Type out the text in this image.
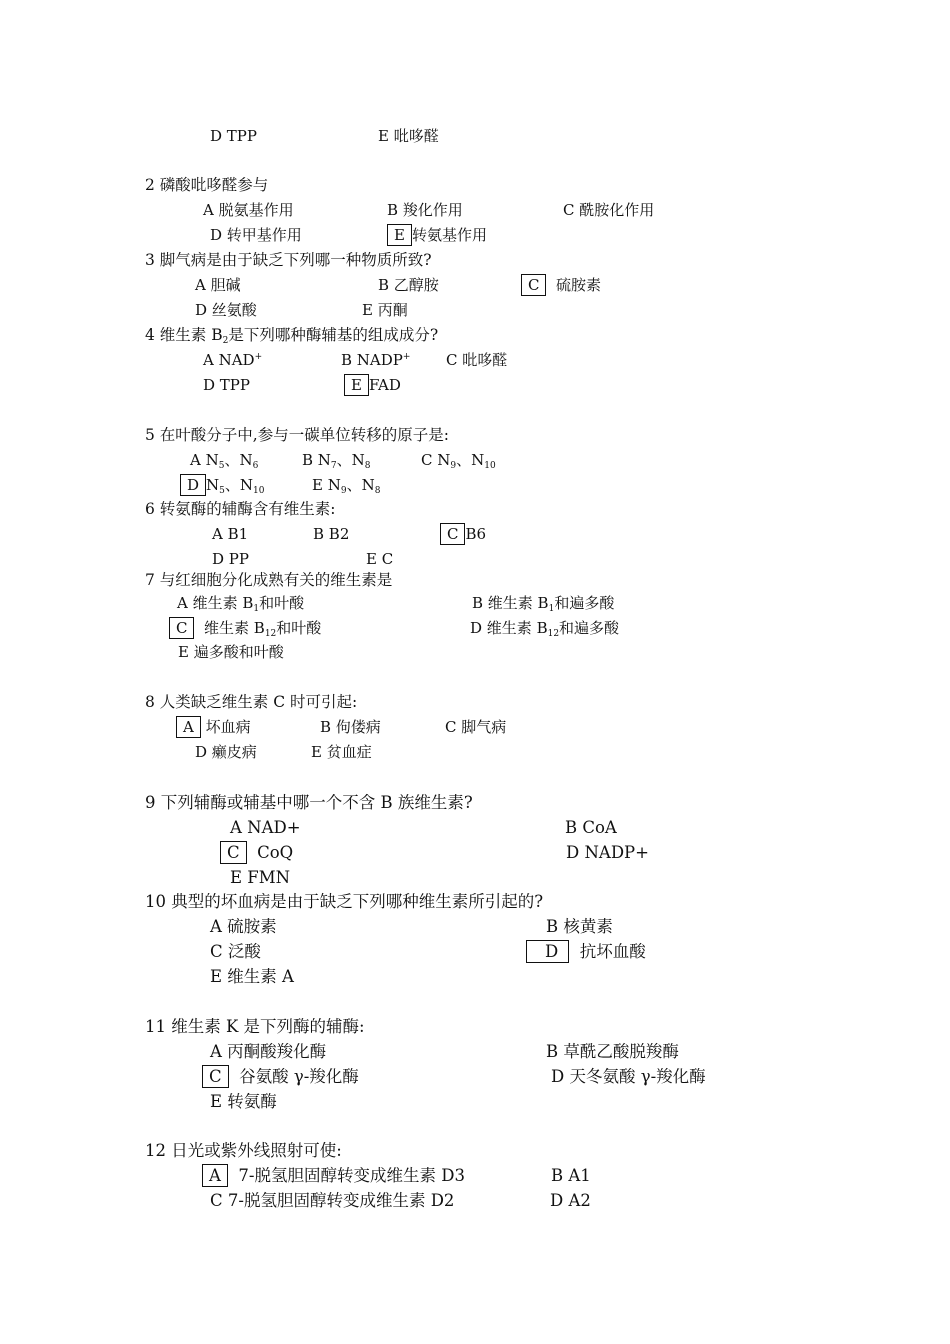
D TPP	E 吡哆醛
2 磷酸吡哆醛参与
A 脱氨基作用	B 羧化作用	C 酰胺化作用
D 转甲基作用	E 转氨基作用
3 脚气病是由于缺乏下列哪一种物质所致?
A 胆碱	B 乙醇胺	C 硫胺素
D 丝氨酸	E 丙酮
4 维生素 $B_2$是下列哪种酶辅基的组成成分?
A NAD+	B NADP+ C 吡哆醛
D TPP	E FAD
5 在叶酸分子中,参与一碳单位转移的原子是:
A $N_5$、$N_6$	B $N_7$、$N_8$	C $N_9$、$N_{10}$
D $N_5$、$N_{10}$	E $N_9$、$N_8$
6 转氨酶的辅酶含有维生素:
A B1	B B2	C B6
D PP	E C
7 与红细胞分化成熟有关的维生素是
A 维生素 $B_1$和叶酸	B 维生素 $B_1$和遍多酸
C 维生素 $B_{12}$和叶酸	D 维生素 $B_{12}$和遍多酸
E 遍多酸和叶酸
8 人类缺乏维生素 C 时可引起:
A 坏血病	B 佝偻病	C 脚气病
D 癞皮病	E 贫血症
9 下列辅酶或辅基中哪一个不含 B 族维生素?
A NAD+	B CoA
C CoQ	D NADP+
E FMN
10 典型的坏血病是由于缺乏下列哪种维生素所引起的?
A 硫胺素	B 核黄素
C 泛酸	D 抗坏血酸
E 维生素 A
11 维生素 K 是下列酶的辅酶:
A 丙酮酸羧化酶	B 草酰乙酸脱羧酶
C 谷氨酸 γ-羧化酶	D 天冬氨酸 γ-羧化酶
E 转氨酶
12 日光或紫外线照射可使:
A 7-脱氢胆固醇转变成维生素 D3	B A1
C 7-脱氢胆固醇转变成维生素 D2	D A2
